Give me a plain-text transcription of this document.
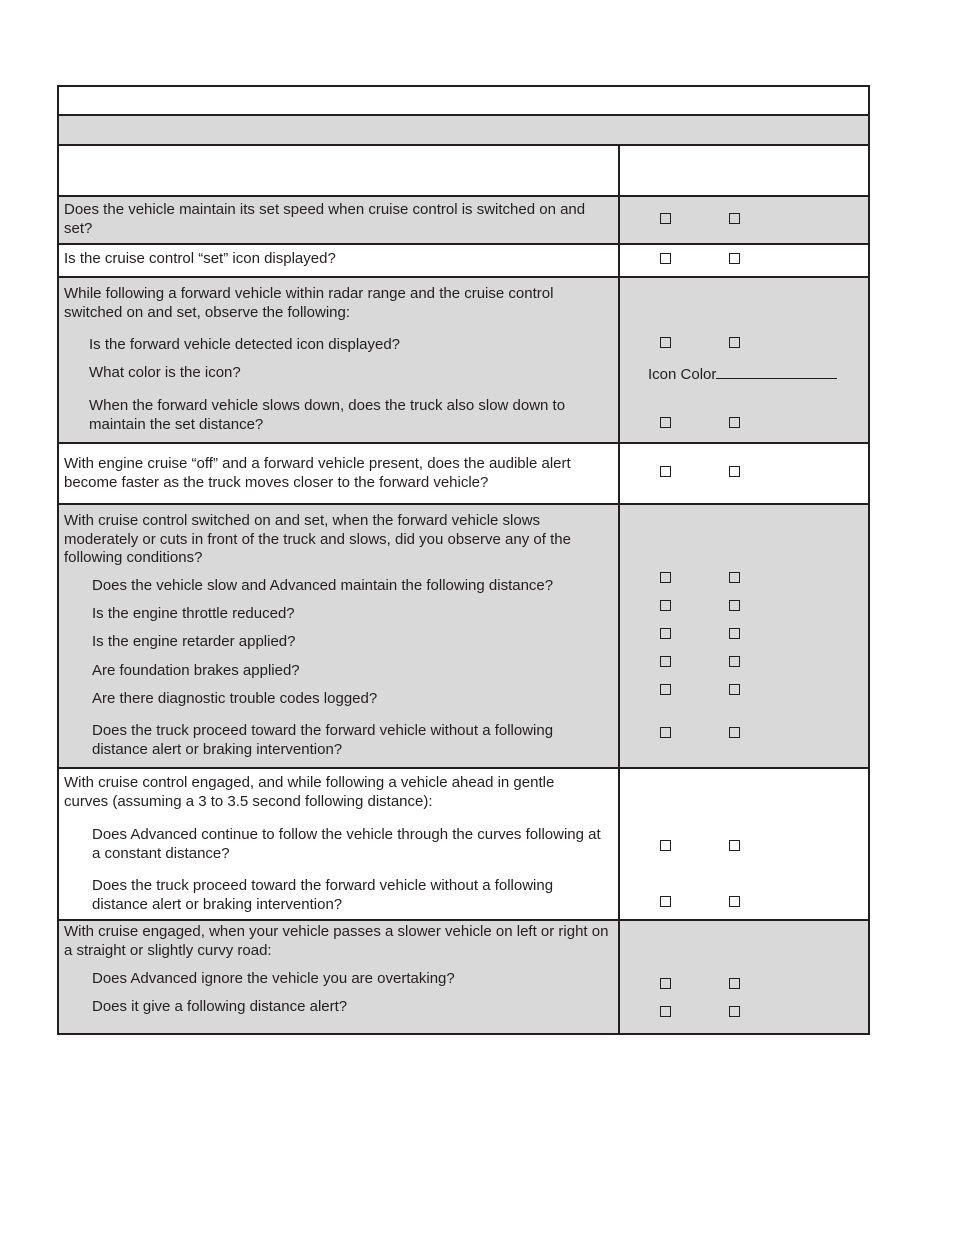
Does the vehicle maintain its set speed when cruise control is switched on and
set?
Is the cruise control “set” icon displayed?
While following a forward vehicle within radar range and the cruise control
switched on and set, observe the following:
Is the forward vehicle detected icon displayed?
What color is the icon?	Icon Color
When the forward vehicle slows down, does the truck also slow down to
maintain the set distance?
With engine cruise “off” and a forward vehicle present, does the audible alert
become faster as the truck moves closer to the forward vehicle?
With cruise control switched on and set, when the forward vehicle slows
moderately or cuts in front of the truck and slows, did you observe any of the
following conditions?
Does the vehicle slow and Advanced maintain the following distance?
Is the engine throttle reduced?
Is the engine retarder applied?
Are foundation brakes applied?
Are there diagnostic trouble codes logged?
Does the truck proceed toward the forward vehicle without a following
distance alert or braking intervention?
With cruise control engaged, and while following a vehicle ahead in gentle
curves (assuming a 3 to 3.5 second following distance):
Does Advanced continue to follow the vehicle through the curves following at
a constant distance?
Does the truck proceed toward the forward vehicle without a following
distance alert or braking intervention?
With cruise engaged, when your vehicle passes a slower vehicle on left or right on
a straight or slightly curvy road:
Does Advanced ignore the vehicle you are overtaking?
Does it give a following distance alert?
